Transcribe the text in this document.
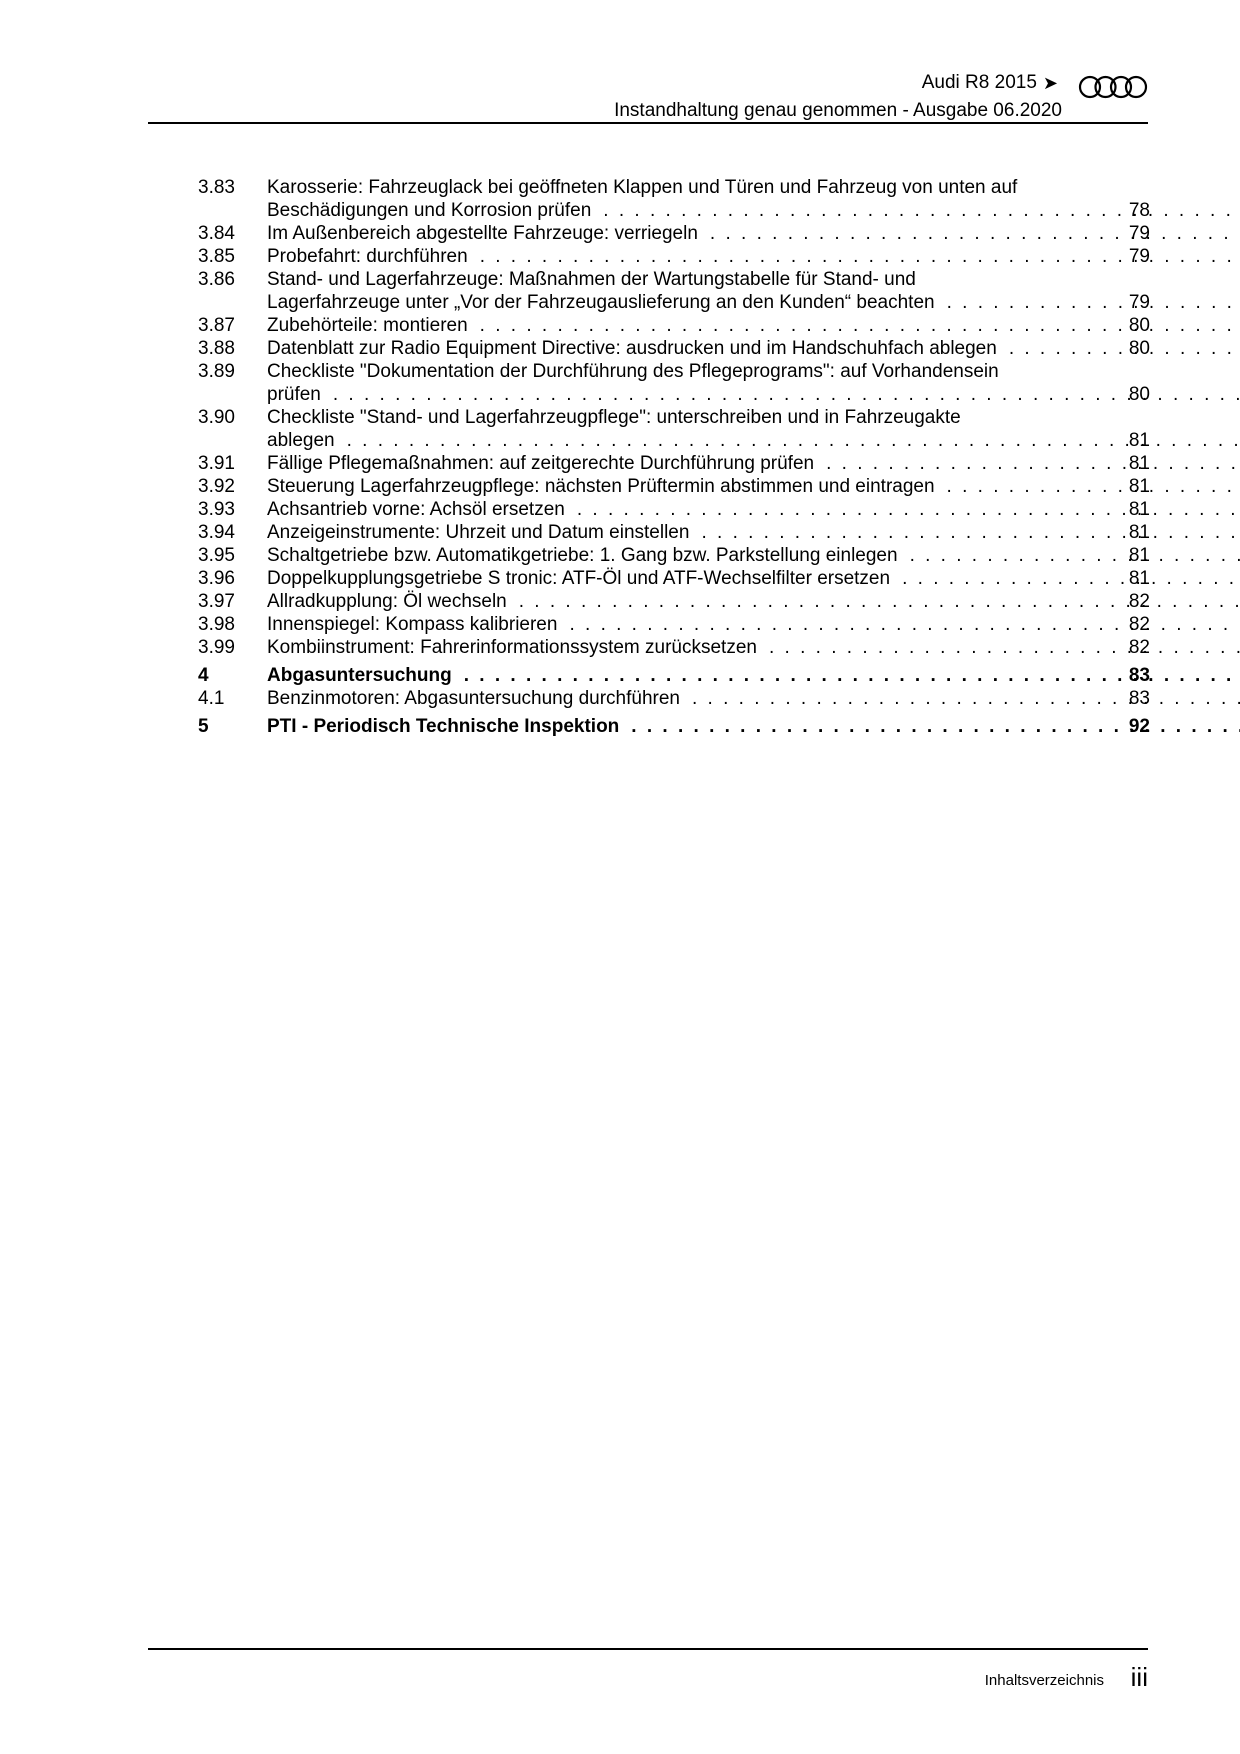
Audi R8 2015 ➤
Instandhaltung genau genommen - Ausgabe 06.2020
3.83	Karosserie: Fahrzeuglack bei geöffneten Klappen und Türen und Fahrzeug von unten auf
Beschädigungen und Korrosion prüfen . . .	78
3.84	Im Außenbereich abgestellte Fahrzeuge: verriegeln . . .	79
3.85	Probefahrt: durchführen . . .	79
3.86	Stand- und Lagerfahrzeuge: Maßnahmen der Wartungstabelle für Stand- und
Lagerfahrzeuge unter „Vor der Fahrzeugauslieferung an den Kunden“ beachten . . .	79
3.87	Zubehörteile: montieren . . .	80
3.88	Datenblatt zur Radio Equipment Directive: ausdrucken und im Handschuhfach ablegen . . .	80
3.89	Checkliste "Dokumentation der Durchführung des Pflegeprograms": auf Vorhandensein
prüfen . . .	80
3.90	Checkliste "Stand- und Lagerfahrzeugpflege": unterschreiben und in Fahrzeugakte
ablegen . . .	81
3.91	Fällige Pflegemaßnahmen: auf zeitgerechte Durchführung prüfen . . .	81
3.92	Steuerung Lagerfahrzeugpflege: nächsten Prüftermin abstimmen und eintragen . . .	81
3.93	Achsantrieb vorne: Achsöl ersetzen . . .	81
3.94	Anzeigeinstrumente: Uhrzeit und Datum einstellen . . .	81
3.95	Schaltgetriebe bzw. Automatikgetriebe: 1. Gang bzw. Parkstellung einlegen . . .	81
3.96	Doppelkupplungsgetriebe S tronic: ATF-Öl und ATF-Wechselfilter ersetzen . . .	81
3.97	Allradkupplung: Öl wechseln . . .	82
3.98	Innenspiegel: Kompass kalibrieren . . .	82
3.99	Kombiinstrument: Fahrerinformationssystem zurücksetzen . . .	82
4	Abgasuntersuchung . . .	83
4.1	Benzinmotoren: Abgasuntersuchung durchführen . . .	83
5	PTI - Periodisch Technische Inspektion . . .	92
Inhaltsverzeichnis iii
